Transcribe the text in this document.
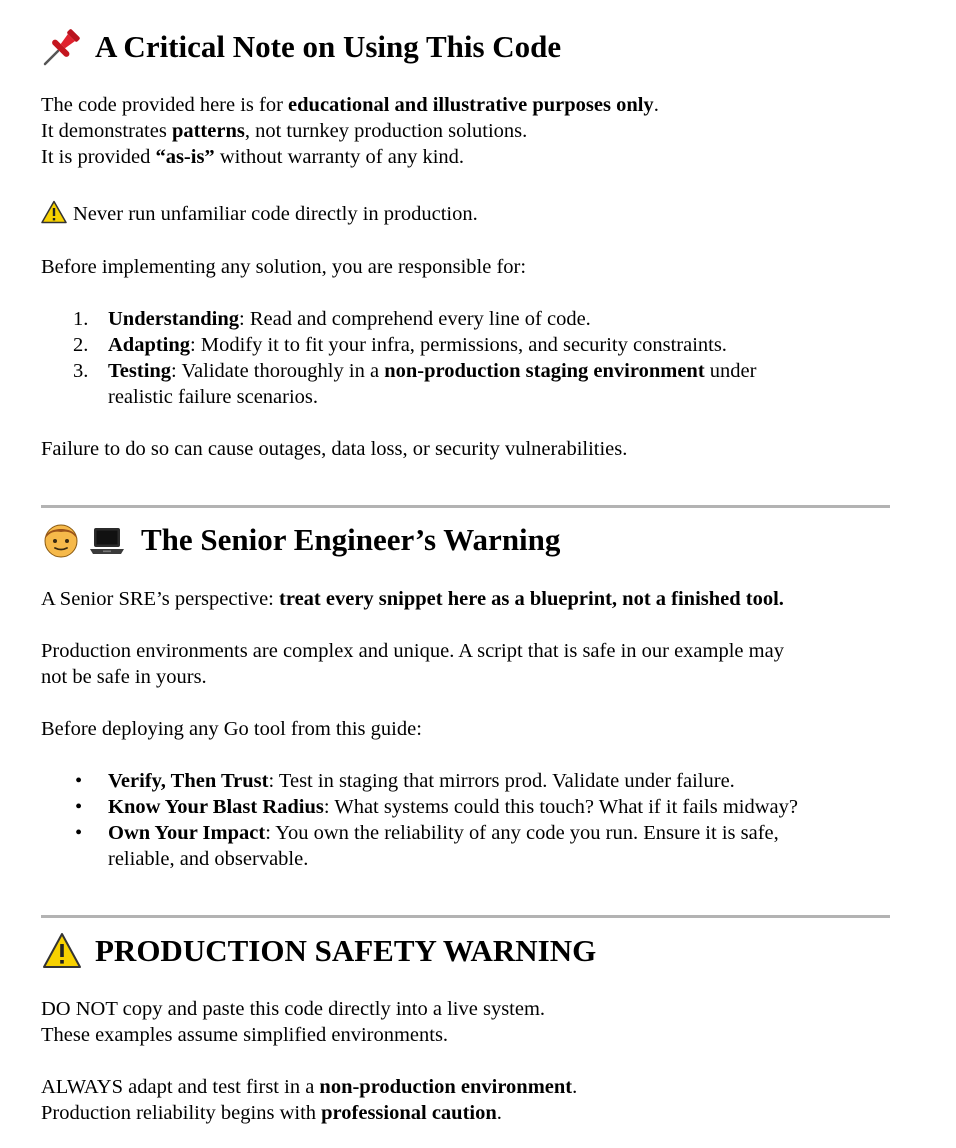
A Critical Note on Using This Code
The code provided here is for educational and illustrative purposes only.
It demonstrates patterns, not turnkey production solutions.
It is provided “as-is” without warranty of any kind.
Never run unfamiliar code directly in production.
Before implementing any solution, you are responsible for:
1. Understanding: Read and comprehend every line of code.
2. Adapting: Modify it to fit your infra, permissions, and security constraints.
3. Testing: Validate thoroughly in a non-production staging environment under
realistic failure scenarios.
Failure to do so can cause outages, data loss, or security vulnerabilities.
The Senior Engineer’s Warning
A Senior SRE’s perspective: treat every snippet here as a blueprint, not a finished tool.
Production environments are complex and unique. A script that is safe in our example may
not be safe in yours.
Before deploying any Go tool from this guide:
• Verify, Then Trust: Test in staging that mirrors prod. Validate under failure.
• Know Your Blast Radius: What systems could this touch? What if it fails midway?
• Own Your Impact: You own the reliability of any code you run. Ensure it is safe,
reliable, and observable.
PRODUCTION SAFETY WARNING
DO NOT copy and paste this code directly into a live system.
These examples assume simplified environments.
ALWAYS adapt and test first in a non-production environment.
Production reliability begins with professional caution.
